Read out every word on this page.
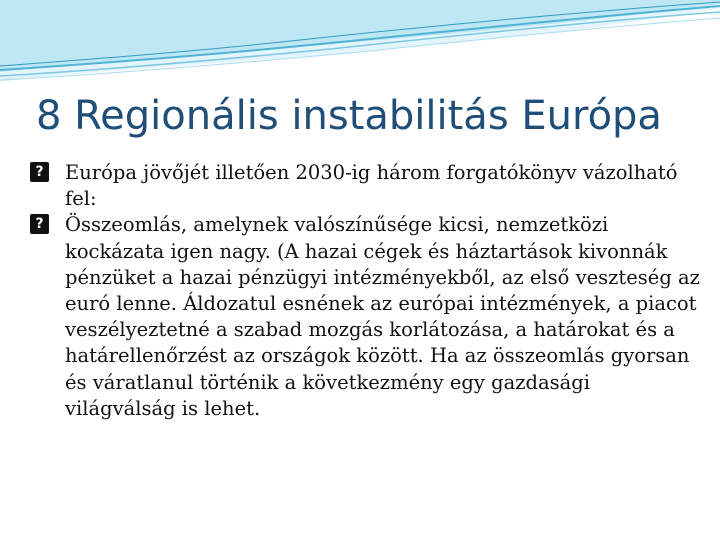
8 Regionális instabilitás Európa
? Európa jövőjét illetően 2030-ig három forgatókönyv vázolható fel:
? Összeomlás, amelynek valószínűsége kicsi, nemzetközi kockázata igen nagy. (A hazai cégek és háztartások kivonnák pénzüket a hazai pénzügyi intézményekből, az első veszteség az euró lenne. Áldozatul esnének az európai intézmények, a piacot veszélyeztetné a szabad mozgás korlátozása, a határokat és a határellenőrzést az országok között. Ha az összeomlás gyorsan és váratlanul történik a következmény egy gazdasági világválság is lehet.
